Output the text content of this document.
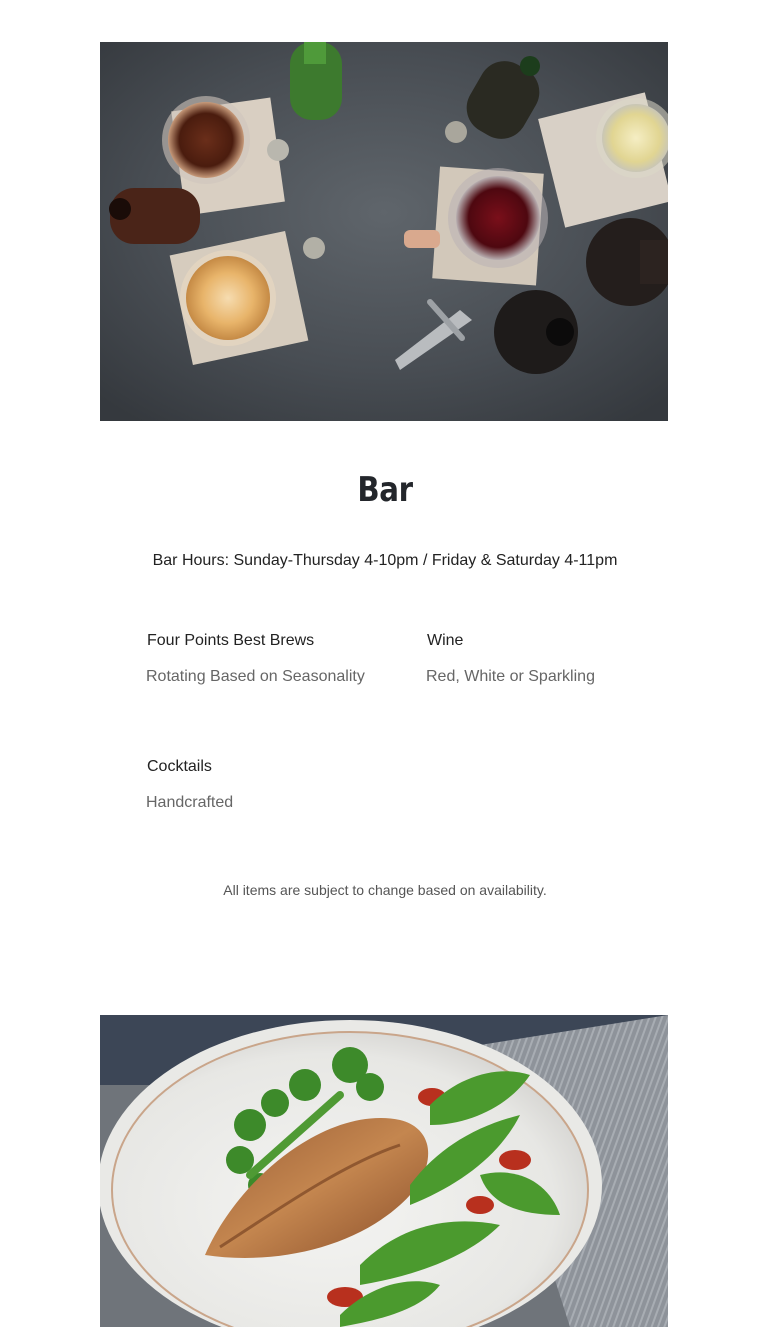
Bar

Bar Hours: Sunday-Thursday 4-10pm / Friday & Saturday 4-11pm

Four Points Best Brews
Rotating Based on Seasonality
Wine
Red, White or Sparkling
Cocktails
Handcrafted

All items are subject to change based on availability.
